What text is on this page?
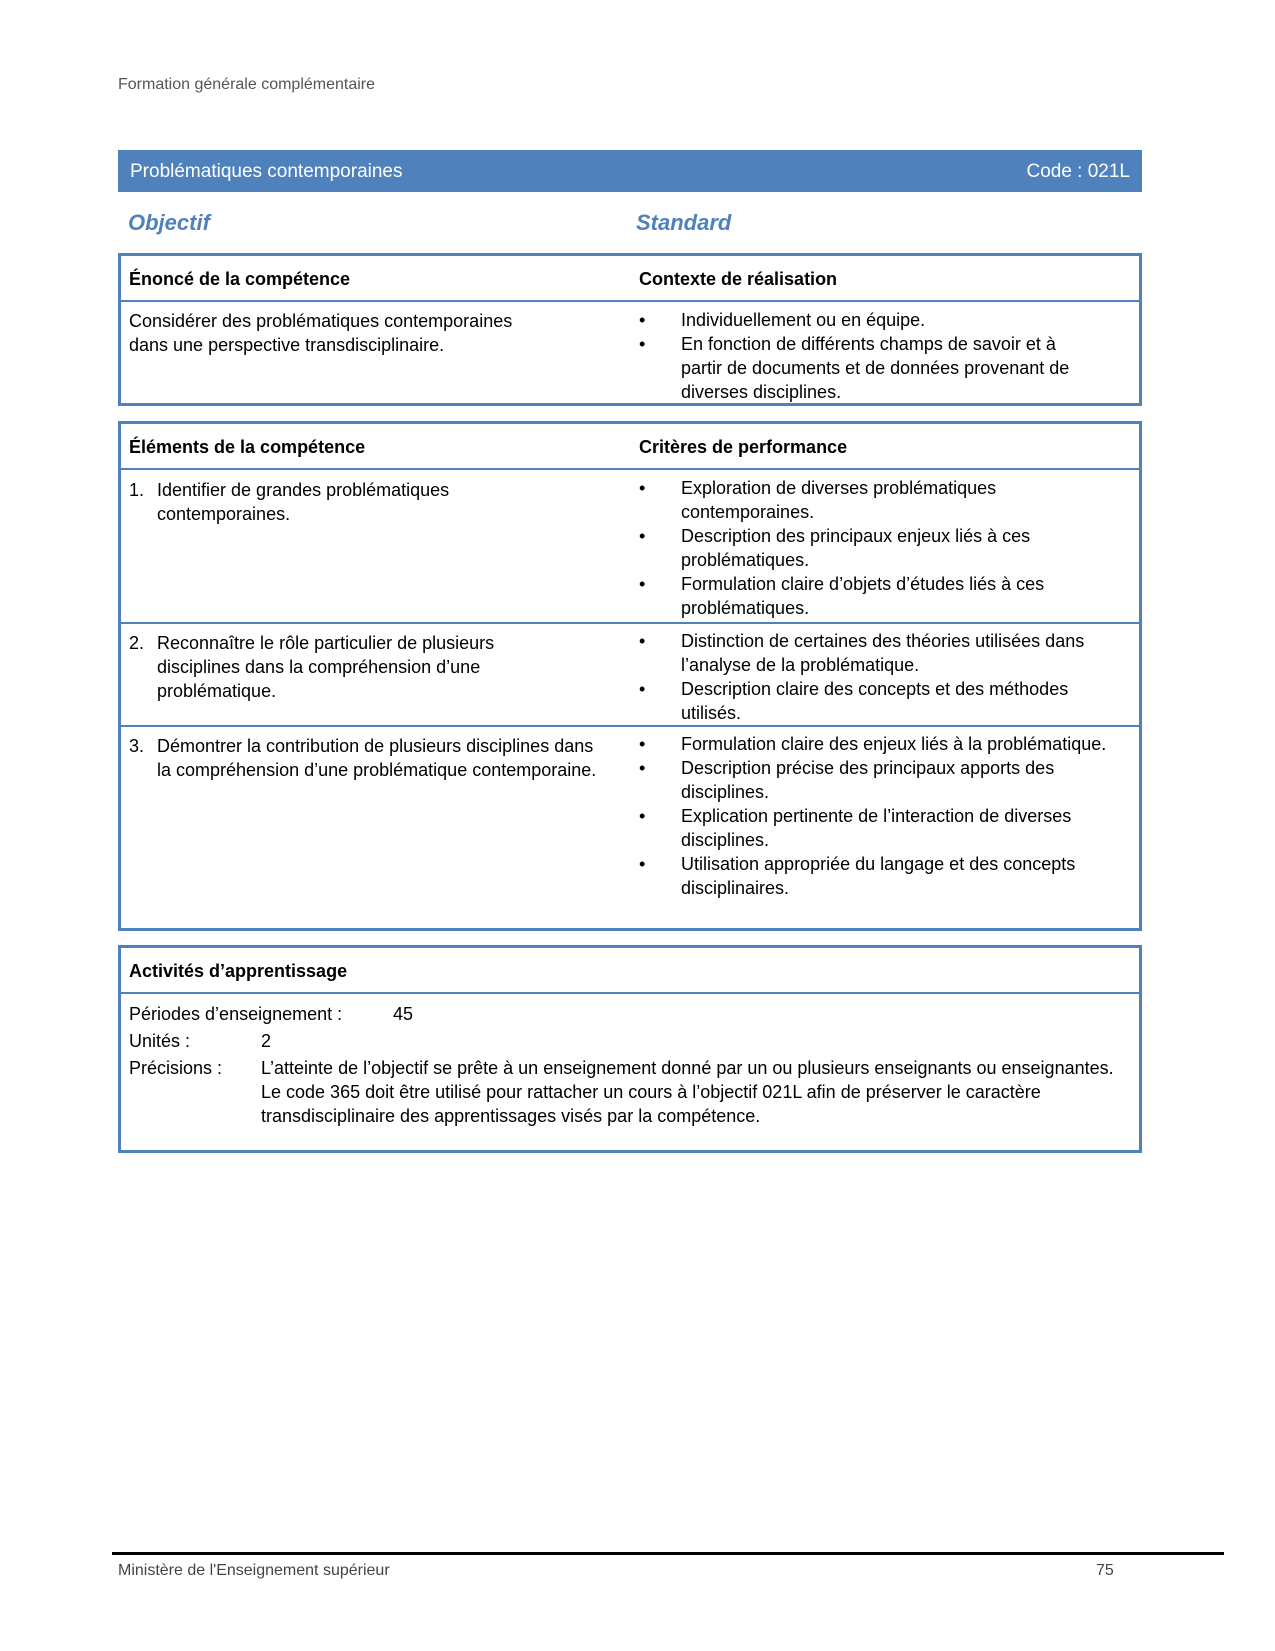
Formation générale complémentaire
Problématiques contemporaines	Code : 021L
Objectif	Standard
Énoncé de la compétence	Contexte de réalisation
Considérer des problématiques contemporaines
dans une perspective transdisciplinaire.
• Individuellement ou en équipe.
• En fonction de différents champs de savoir et à partir de documents et de données provenant de diverses disciplines.
Éléments de la compétence	Critères de performance
1. Identifier de grandes problématiques contemporaines.
• Exploration de diverses problématiques contemporaines.
• Description des principaux enjeux liés à ces problématiques.
• Formulation claire d’objets d’études liés à ces problématiques.
2. Reconnaître le rôle particulier de plusieurs disciplines dans la compréhension d’une problématique.
• Distinction de certaines des théories utilisées dans l’analyse de la problématique.
• Description claire des concepts et des méthodes utilisés.
3. Démontrer la contribution de plusieurs disciplines dans la compréhension d’une problématique contemporaine.
• Formulation claire des enjeux liés à la problématique.
• Description précise des principaux apports des disciplines.
• Explication pertinente de l’interaction de diverses disciplines.
• Utilisation appropriée du langage et des concepts disciplinaires.
Activités d’apprentissage
Périodes d’enseignement :	45
Unités :	2
Précisions : L’atteinte de l’objectif se prête à un enseignement donné par un ou plusieurs enseignants ou enseignantes.
Le code 365 doit être utilisé pour rattacher un cours à l’objectif 021L afin de préserver le caractère transdisciplinaire des apprentissages visés par la compétence.
Ministère de l'Enseignement supérieur	75
